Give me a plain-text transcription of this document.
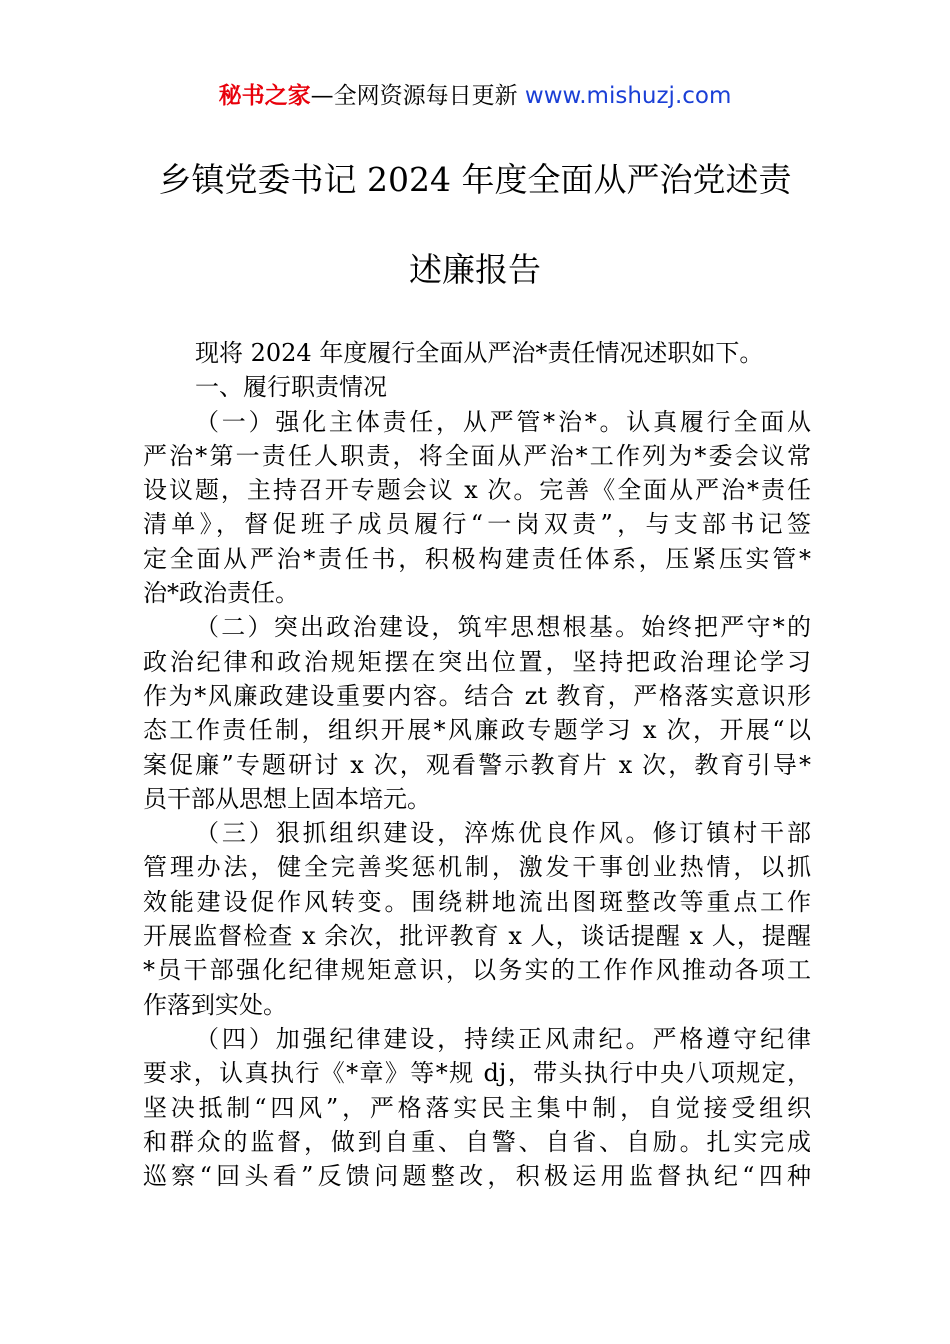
秘书之家—全网资源每日更新 www.mishuzj.com
乡镇党委书记 2024 年度全面从严治党述责
述廉报告
现将 2024 年度履行全面从严治*责任情况述职如下。
一、履行职责情况
（一）强化主体责任，从严管*治*。认真履行全面从
严治*第一责任人职责，将全面从严治*工作列为*委会议常
设议题，主持召开专题会议 x 次。完善《全面从严治*责任
清单》，督促班子成员履行“一岗双责”，与支部书记签
定全面从严治*责任书，积极构建责任体系，压紧压实管*
治*政治责任。
（二）突出政治建设，筑牢思想根基。始终把严守*的
政治纪律和政治规矩摆在突出位置，坚持把政治理论学习
作为*风廉政建设重要内容。结合 zt 教育，严格落实意识形
态工作责任制，组织开展*风廉政专题学习 x 次，开展“以
案促廉”专题研讨 x 次，观看警示教育片 x 次，教育引导*
员干部从思想上固本培元。
（三）狠抓组织建设，淬炼优良作风。修订镇村干部
管理办法，健全完善奖惩机制，激发干事创业热情，以抓
效能建设促作风转变。围绕耕地流出图斑整改等重点工作
开展监督检查 x 余次，批评教育 x 人，谈话提醒 x 人，提醒
*员干部强化纪律规矩意识，以务实的工作作风推动各项工
作落到实处。
（四）加强纪律建设，持续正风肃纪。严格遵守纪律
要求，认真执行《*章》等*规 dj，带头执行中央八项规定，
坚决抵制“四风”，严格落实民主集中制，自觉接受组织
和群众的监督，做到自重、自警、自省、自励。扎实完成
巡察“回头看”反馈问题整改，积极运用监督执纪“四种
